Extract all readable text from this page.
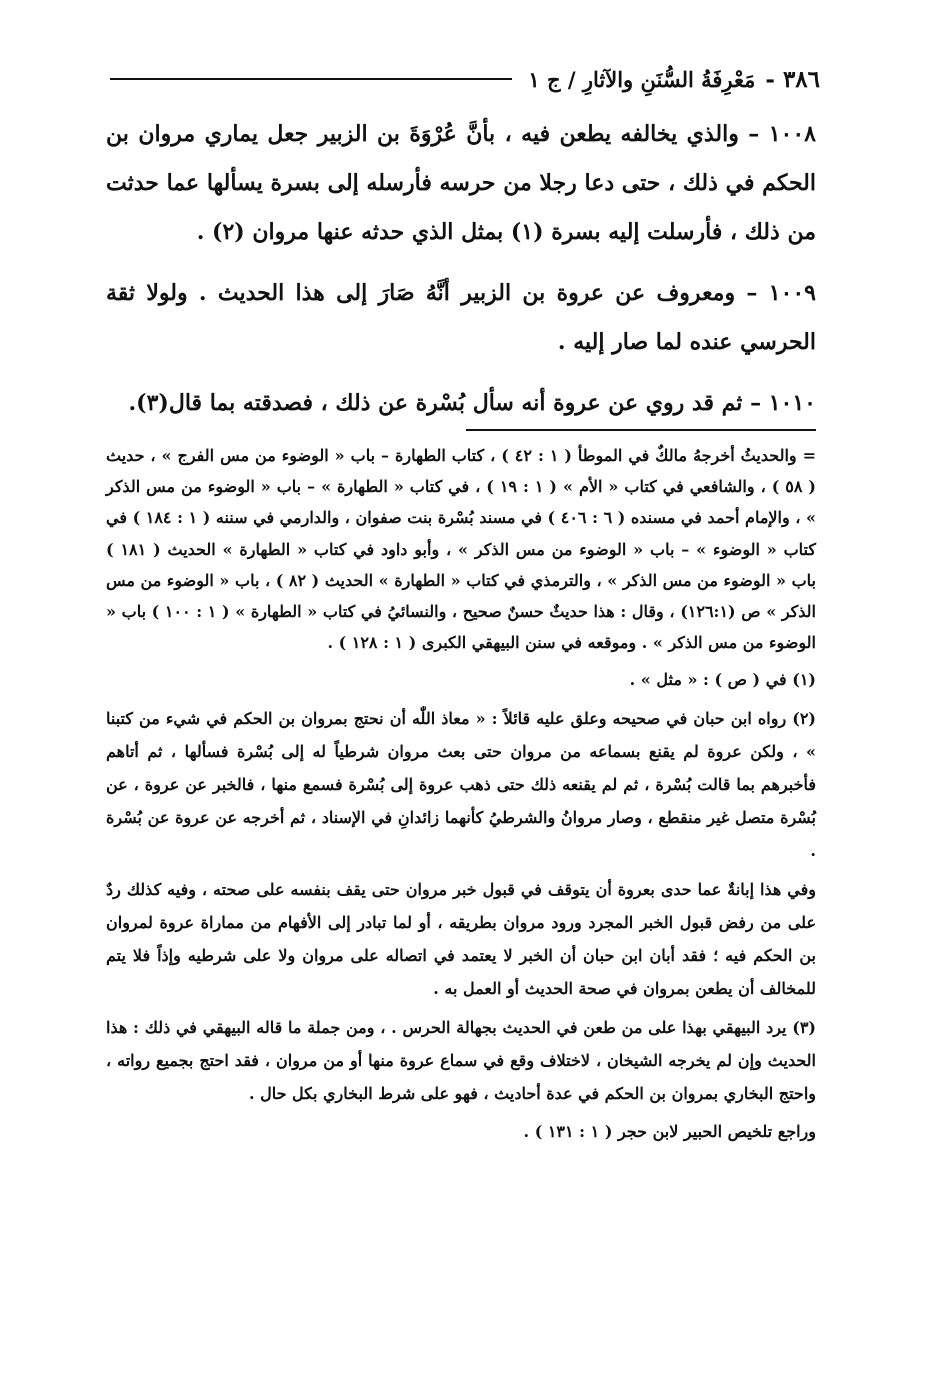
٣٨٦ -
مَعْرِفَةُ السُّنَنِ والآثارِ / ج ١

١٠٠٨ – والذي يخالفه يطعن فيه ، بأنَّ عُرْوَةَ بن الزبير جعل يماري مروان بن الحكم في ذلك ، حتى دعا رجلا من حرسه فأرسله إلى بسرة يسألها عما حدثت من ذلك ، فأرسلت إليه بسرة (١) بمثل الذي حدثه عنها مروان (٢) .

١٠٠٩ – ومعروف عن عروة بن الزبير أنَّهُ صَارَ إلى هذا الحديث . ولولا ثقة الحرسي عنده لما صار إليه .

١٠١٠ – ثم قد روي عن عروة أنه سأل بُسْرة عن ذلك ، فصدقته بما قال(٣).

= والحديثُ أخرجهُ مالكٌ في الموطأ ( ١ : ٤٢ ) ، كتاب الطهارة – باب « الوضوء من مس الفرج » ، حديث ( ٥٨ ) ، والشافعي في كتاب « الأم » ( ١ : ١٩ ) ، في كتاب « الطهارة » – باب « الوضوء من مس الذكر » ، والإمام أحمد في مسنده ( ٦ : ٤٠٦ ) في مسند بُسْرة بنت صفوان ، والدارمي في سننه ( ١ : ١٨٤ ) في كتاب « الوضوء » – باب « الوضوء من مس الذكر » ، وأبو داود في كتاب « الطهارة » الحديث ( ١٨١ ) باب « الوضوء من مس الذكر » ، والترمذي في كتاب « الطهارة » الحديث ( ٨٢ ) ، باب « الوضوء من مس الذكر » ص (١٢٦:١) ، وقال : هذا حديثٌ حسنٌ صحيح ، والنسائيُ في كتاب « الطهارة » ( ١ : ١٠٠ ) باب « الوضوء من مس الذكر » . وموقعه في سنن البيهقي الكبرى ( ١ : ١٢٨ ) .

(١) في ( ص ) : « مثل » .

(٢) رواه ابن حبان في صحيحه وعلق عليه قائلاً : « معاذ اللّٰه أن نحتج بمروان بن الحكم في شيء من كتبنا » ، ولكن عروة لم يقنع بسماعه من مروان حتى بعث مروان شرطياً له إلى بُسْرة فسألها ، ثم أتاهم فأخبرهم بما قالت بُسْرة ، ثم لم يقنعه ذلك حتى ذهب عروة إلى بُسْرة فسمع منها ، فالخبر عن عروة ، عن بُسْرة متصل غير منقطع ، وصار مروانُ والشرطيُ كأنهما زائدانِ في الإسناد ، ثم أخرجه عن عروة عن بُسْرة .

وفي هذا إبانةٌ عما حدى بعروة أن يتوقف في قبول خبر مروان حتى يقف بنفسه على صحته ، وفيه كذلك ردٌ على من رفض قبول الخبر المجرد ورود مروان بطريقه ، أو لما تبادر إلى الأفهام من مماراة عروة لمروان بن الحكم فيه ؛ فقد أبان ابن حبان أن الخبر لا يعتمد في اتصاله على مروان ولا على شرطيه وإذاً فلا يتم للمخالف أن يطعن بمروان في صحة الحديث أو العمل به .

(٣) يرد البيهقي بهذا على من طعن في الحديث بجهالة الحرس . ، ومن جملة ما قاله البيهقي في ذلك : هذا الحديث وإن لم يخرجه الشيخان ، لاختلاف وقع في سماع عروة منها أو من مروان ، فقد احتج بجميع رواته ، واحتج البخاري بمروان بن الحكم في عدة أحاديث ، فهو على شرط البخاري بكل حال .

وراجع تلخيص الحبير لابن حجر ( ١ : ١٣١ ) .
